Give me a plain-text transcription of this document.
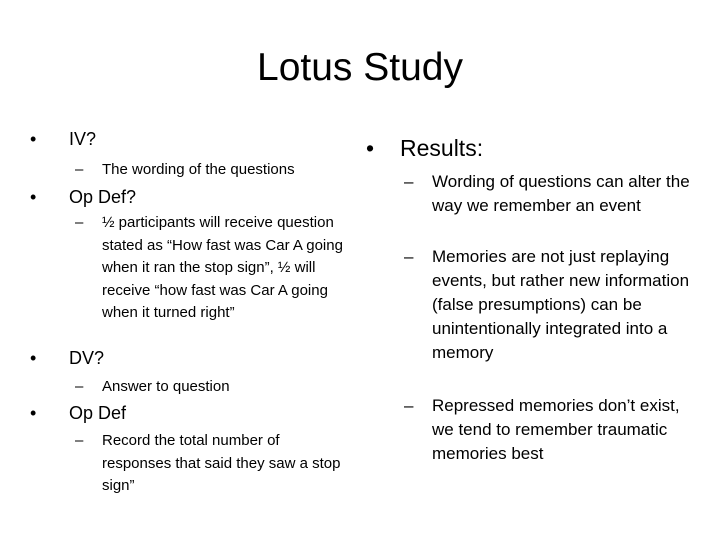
Lotus Study
•	IV?
– The wording of the questions
•	Op Def?
– ½ participants will receive question stated as “How fast was Car A going when it ran the stop sign”, ½ will receive “how fast was Car A going when it turned right”
•	DV?
– Answer to question
•	Op Def
– Record the total number of responses that said they saw a stop sign”
• Results:
– Wording of questions can alter the way we remember an event
– Memories are not just replaying events, but rather new information (false presumptions) can be unintentionally integrated into a memory
– Repressed memories don’t exist, we tend to remember traumatic memories best
